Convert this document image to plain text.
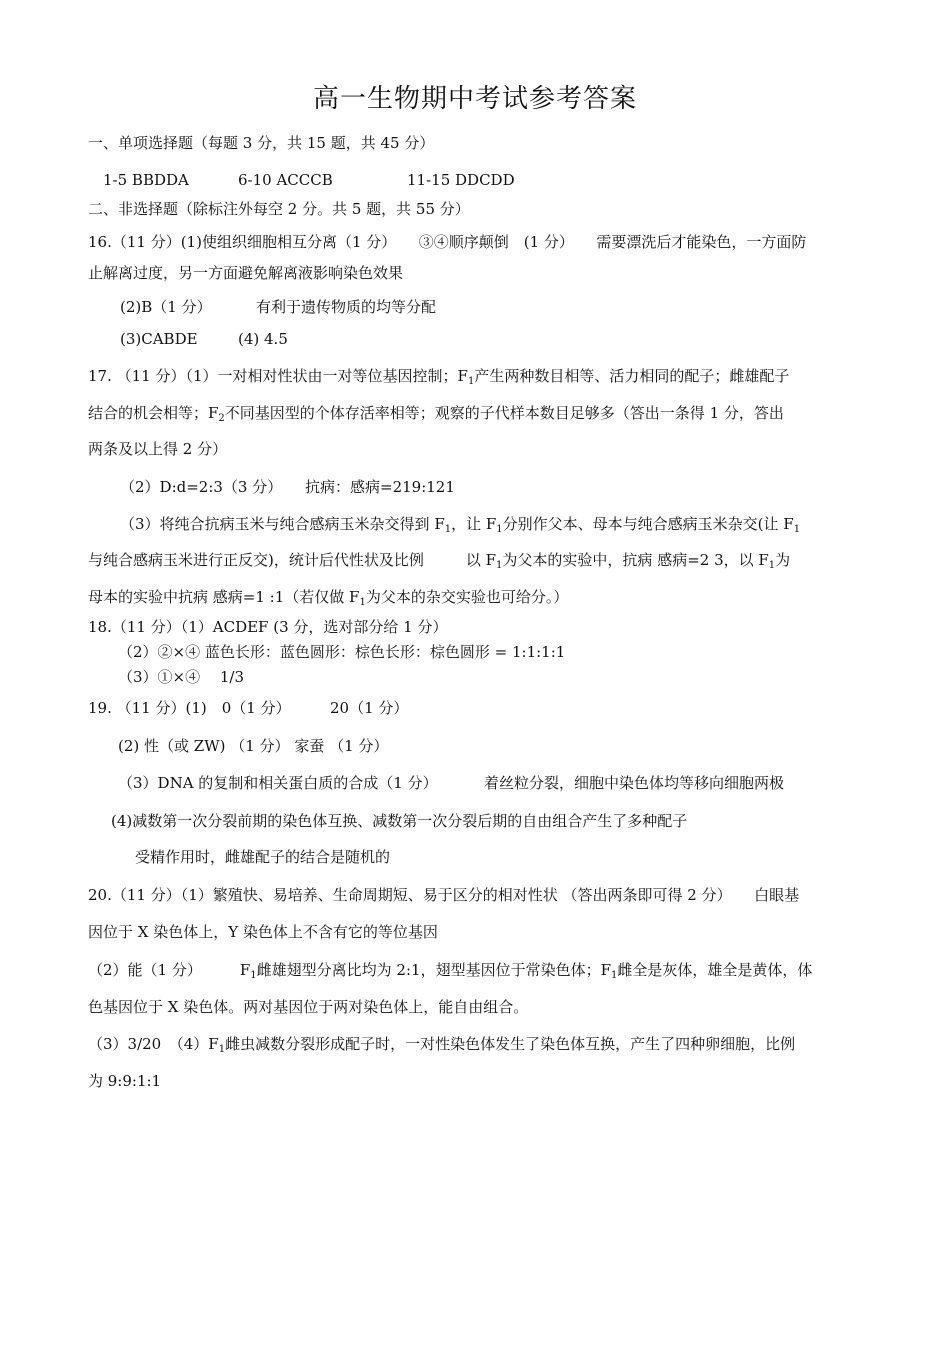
高一生物期中考试参考答案
一、单项选择题（每题 3 分，共 15 题，共 45 分）
1-5 BBDDA	6-10 ACCCB	11-15 DDCDD
二、非选择题（除标注外每空 2 分。共 5 题，共 55 分）
16.（11 分）(1)使组织细胞相互分离（1 分）　　③④顺序颠倒　(1 分）　　需要漂洗后才能染色，一方面防
止解离过度，另一方面避免解离液影响染色效果
(2)B（1 分）	有利于遗传物质的均等分配
(3)CABDE	(4) 4.5
17. （11 分）（1）一对相对性状由一对等位基因控制；$F_1$产生两种数目相等、活力相同的配子；雌雄配子
结合的机会相等；$F_2$不同基因型的个体存活率相等；观察的子代样本数目足够多（答出一条得 1 分，答出
两条及以上得 2 分）
（2）D:d=2:3（3 分） 抗病：感病=219:121
（3）将纯合抗病玉米与纯合感病玉米杂交得到 $F_1$，让 $F_1$分别作父本、母本与纯合感病玉米杂交(让 $F_1$
与纯合感病玉米进行正反交)，统计后代性状及比例	以 $F_1$为父本的实验中，抗病 感病=2 3，以 $F_1$为
母本的实验中抗病 感病=1 :1（若仅做 $F_1$为父本的杂交实验也可给分。）
18.（11 分）（1）ACDEF (3 分，选对部分给 1 分）
（2）②×④ 蓝色长形：蓝色圆形：棕色长形：棕色圆形 = 1:1:1:1
（3）①×④　 1/3
19. （11 分）(1)　0（1 分）	20（1 分）
(2) 性（或 ZW) （1 分） 家蚕 （1 分）
（3）DNA 的复制和相关蛋白质的合成（1 分）	着丝粒分裂，细胞中染色体均等移向细胞两极
(4)减数第一次分裂前期的染色体互换、减数第一次分裂后期的自由组合产生了多种配子
受精作用时，雌雄配子的结合是随机的
20.（11 分）（1）繁殖快、易培养、生命周期短、易于区分的相对性状 （答出两条即可得 2 分）　　白眼基
因位于 X 染色体上，Y 染色体上不含有它的等位基因
（2）能（1 分）	$F_1$雌雄翅型分离比均为 2:1，翅型基因位于常染色体；$F_1$雌全是灰体，雄全是黄体，体
色基因位于 X 染色体。两对基因位于两对染色体上，能自由组合。
（3）3/20　$(4)F_1$雌虫减数分裂形成配子时，一对性染色体发生了染色体互换，产生了四种卵细胞，比例
为 9:9:1:1
